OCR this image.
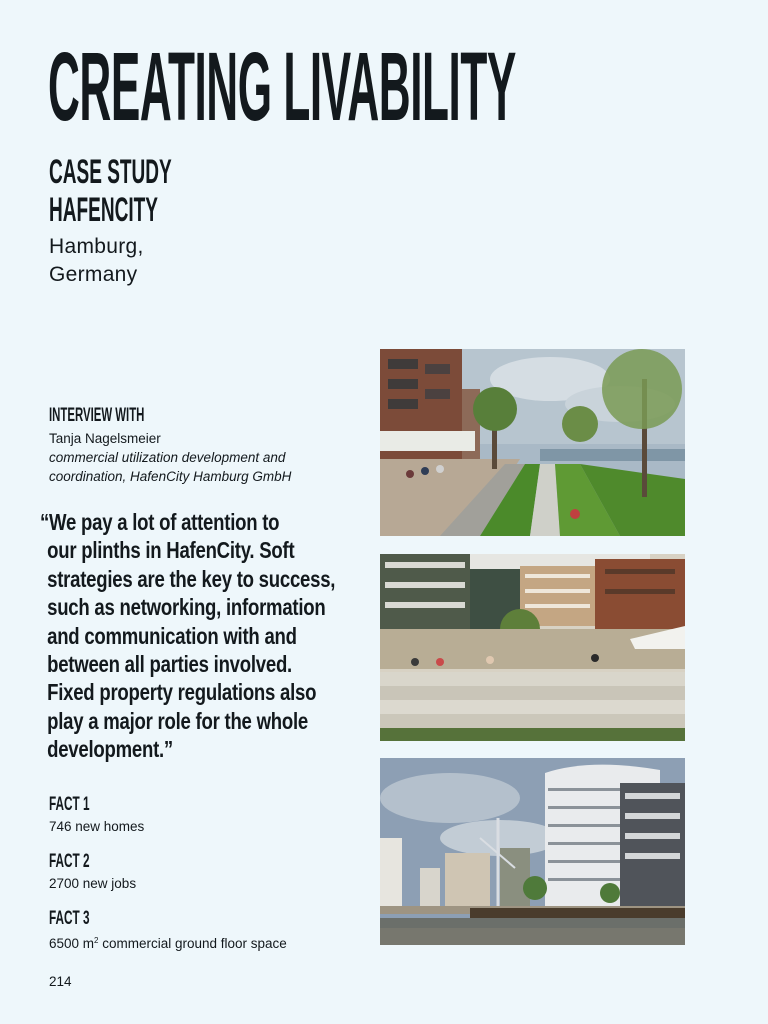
CREATING LIVABILITY
CASE STUDY
HAFENCITY
Hamburg,
Germany
INTERVIEW WITH
Tanja Nagelsmeier
commercial utilization development and coordination, HafenCity Hamburg GmbH
“We pay a lot of attention to
our plinths in HafenCity. Soft
strategies are the key to success,
such as networking, information
and communication with and
between all parties involved.
Fixed property regulations also
play a major role for the whole
development.”
FACT 1
746 new homes
FACT 2
2700 new jobs
FACT 3
6500 $m^2$ commercial ground floor space
214
